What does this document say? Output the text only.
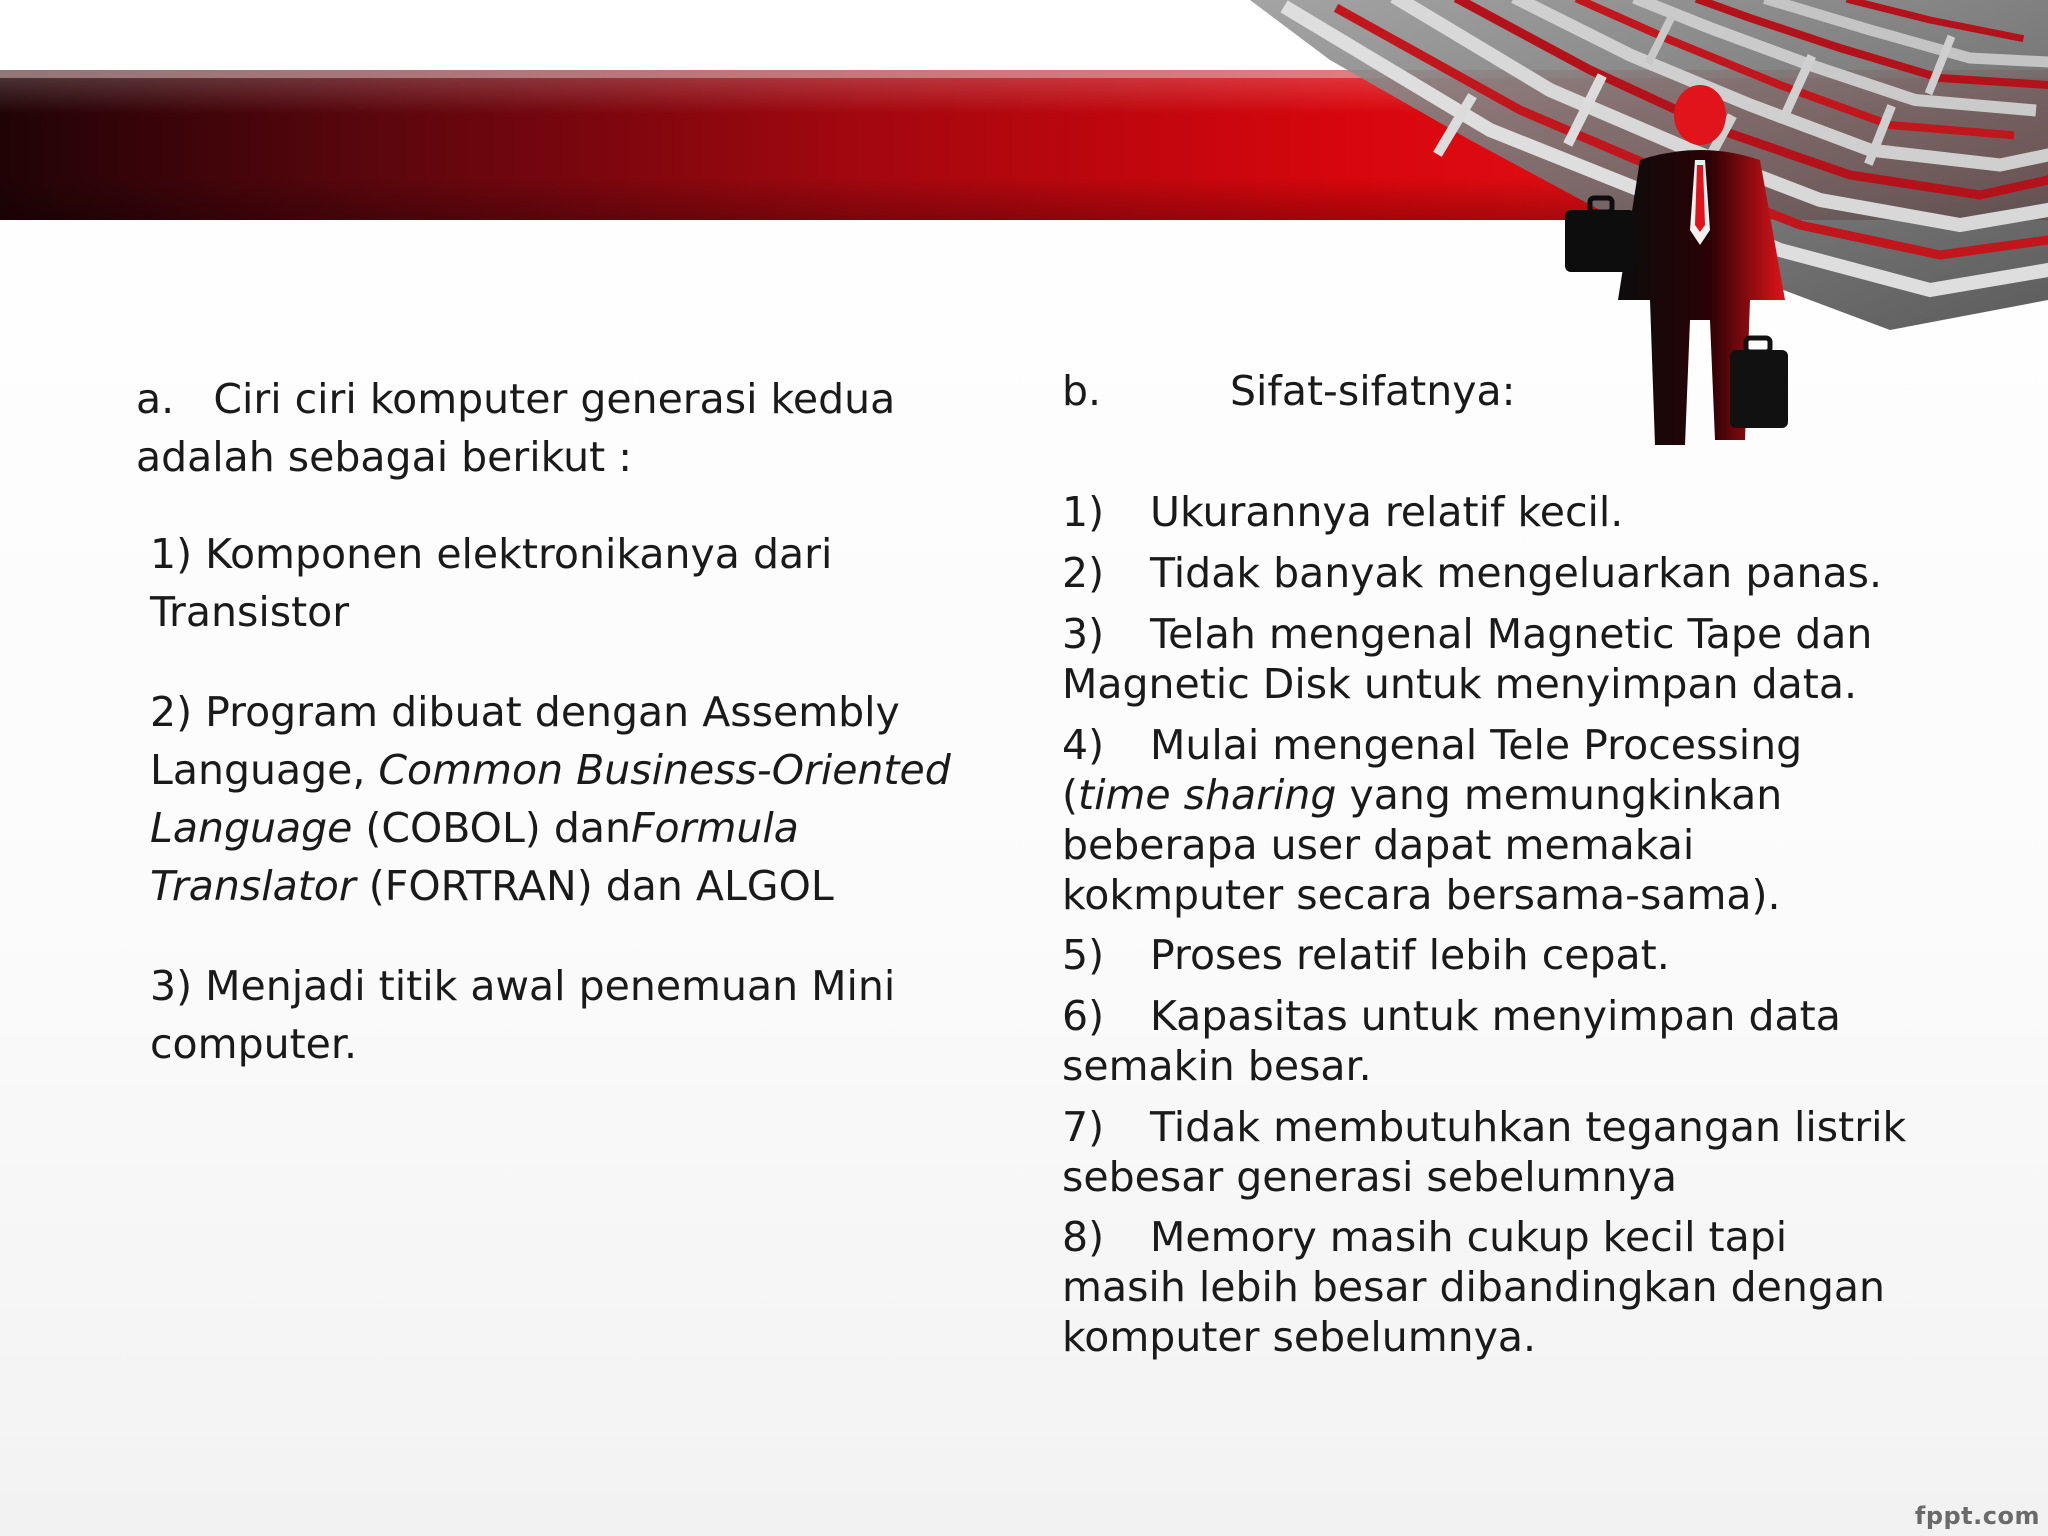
a. Ciri ciri komputer generasi kedua adalah sebagai berikut :
1) Komponen elektronikanya dari Transistor
2) Program dibuat dengan Assembly Language, Common Business-Oriented Language (COBOL) danFormula Translator (FORTRAN) dan ALGOL
3) Menjadi titik awal penemuan Mini computer.
b.	Sifat-sifatnya:
1) Ukurannya relatif kecil.
2) Tidak banyak mengeluarkan panas.
3) Telah mengenal Magnetic Tape dan Magnetic Disk untuk menyimpan data.
4) Mulai mengenal Tele Processing (time sharing yang memungkinkan beberapa user dapat memakai kokmputer secara bersama-sama).
5) Proses relatif lebih cepat.
6) Kapasitas untuk menyimpan data semakin besar.
7) Tidak membutuhkan tegangan listrik sebesar generasi sebelumnya
8) Memory masih cukup kecil tapi masih lebih besar dibandingkan dengan komputer sebelumnya.
fppt.com
